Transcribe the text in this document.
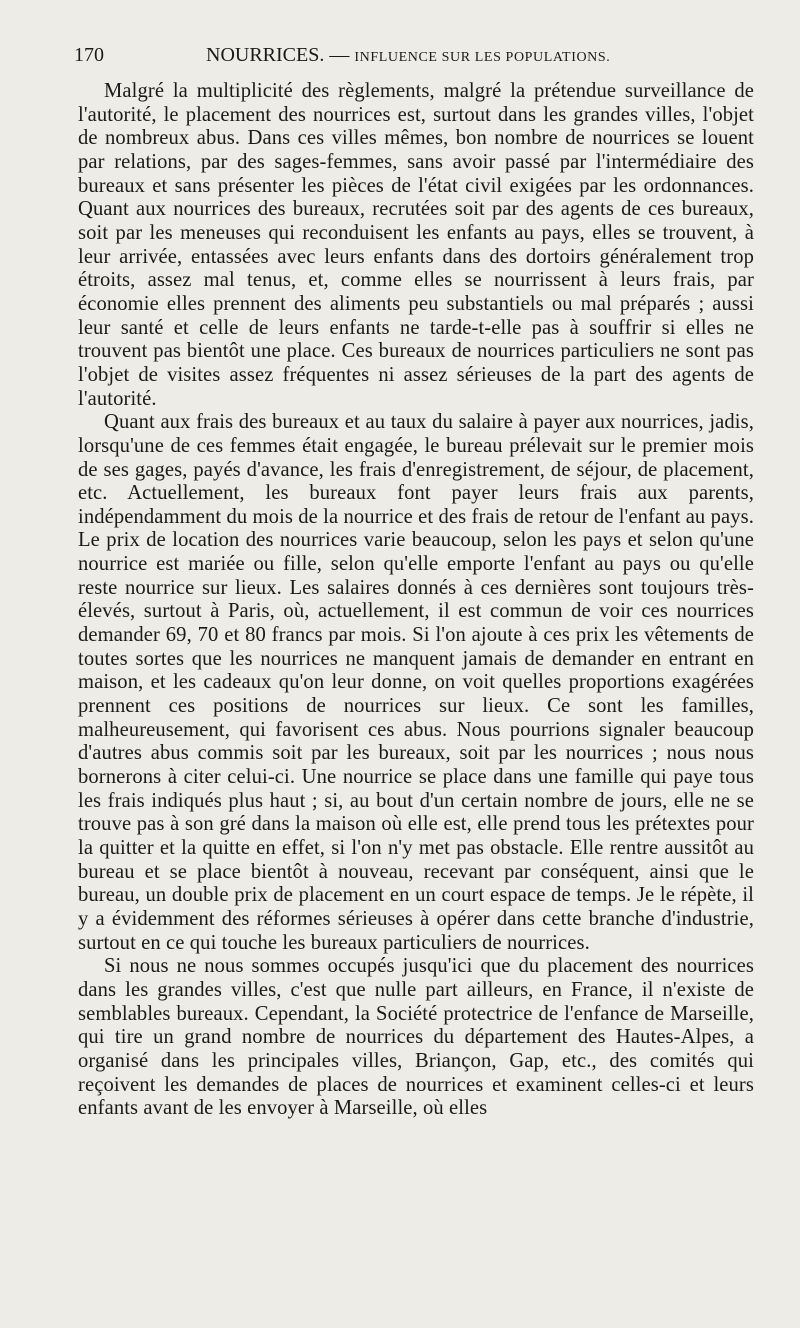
170	NOURRICES. — INFLUENCE SUR LES POPULATIONS.

Malgré la multiplicité des règlements, malgré la prétendue surveillance de l'autorité, le placement des nourrices est, surtout dans les grandes villes, l'objet de nombreux abus. Dans ces villes mêmes, bon nombre de nourrices se louent par relations, par des sages-femmes, sans avoir passé par l'intermédiaire des bureaux et sans présenter les pièces de l'état civil exigées par les ordonnances. Quant aux nourrices des bureaux, recrutées soit par des agents de ces bureaux, soit par les meneuses qui reconduisent les enfants au pays, elles se trouvent, à leur arrivée, entassées avec leurs enfants dans des dortoirs généralement trop étroits, assez mal tenus, et, comme elles se nourrissent à leurs frais, par économie elles prennent des aliments peu substantiels ou mal préparés ; aussi leur santé et celle de leurs enfants ne tarde-t-elle pas à souffrir si elles ne trouvent pas bientôt une place. Ces bureaux de nourrices particuliers ne sont pas l'objet de visites assez fréquentes ni assez sérieuses de la part des agents de l'autorité.

Quant aux frais des bureaux et au taux du salaire à payer aux nourrices, jadis, lorsqu'une de ces femmes était engagée, le bureau prélevait sur le premier mois de ses gages, payés d'avance, les frais d'enregistrement, de séjour, de placement, etc. Actuellement, les bureaux font payer leurs frais aux parents, indépendamment du mois de la nourrice et des frais de retour de l'enfant au pays. Le prix de location des nourrices varie beaucoup, selon les pays et selon qu'une nourrice est mariée ou fille, selon qu'elle emporte l'enfant au pays ou qu'elle reste nourrice sur lieux. Les salaires donnés à ces dernières sont toujours très-élevés, surtout à Paris, où, actuellement, il est commun de voir ces nourrices demander 69, 70 et 80 francs par mois. Si l'on ajoute à ces prix les vêtements de toutes sortes que les nourrices ne manquent jamais de demander en entrant en maison, et les cadeaux qu'on leur donne, on voit quelles proportions exagérées prennent ces positions de nourrices sur lieux. Ce sont les familles, malheureusement, qui favorisent ces abus. Nous pourrions signaler beaucoup d'autres abus commis soit par les bureaux, soit par les nourrices ; nous nous bornerons à citer celui-ci. Une nourrice se place dans une famille qui paye tous les frais indiqués plus haut ; si, au bout d'un certain nombre de jours, elle ne se trouve pas à son gré dans la maison où elle est, elle prend tous les prétextes pour la quitter et la quitte en effet, si l'on n'y met pas obstacle. Elle rentre aussitôt au bureau et se place bientôt à nouveau, recevant par conséquent, ainsi que le bureau, un double prix de placement en un court espace de temps. Je le répète, il y a évidemment des réformes sérieuses à opérer dans cette branche d'industrie, surtout en ce qui touche les bureaux particuliers de nourrices.

Si nous ne nous sommes occupés jusqu'ici que du placement des nourrices dans les grandes villes, c'est que nulle part ailleurs, en France, il n'existe de semblables bureaux. Cependant, la Société protectrice de l'enfance de Marseille, qui tire un grand nombre de nourrices du département des Hautes-Alpes, a organisé dans les principales villes, Briançon, Gap, etc., des comités qui reçoivent les demandes de places de nourrices et examinent celles-ci et leurs enfants avant de les envoyer à Marseille, où elles
